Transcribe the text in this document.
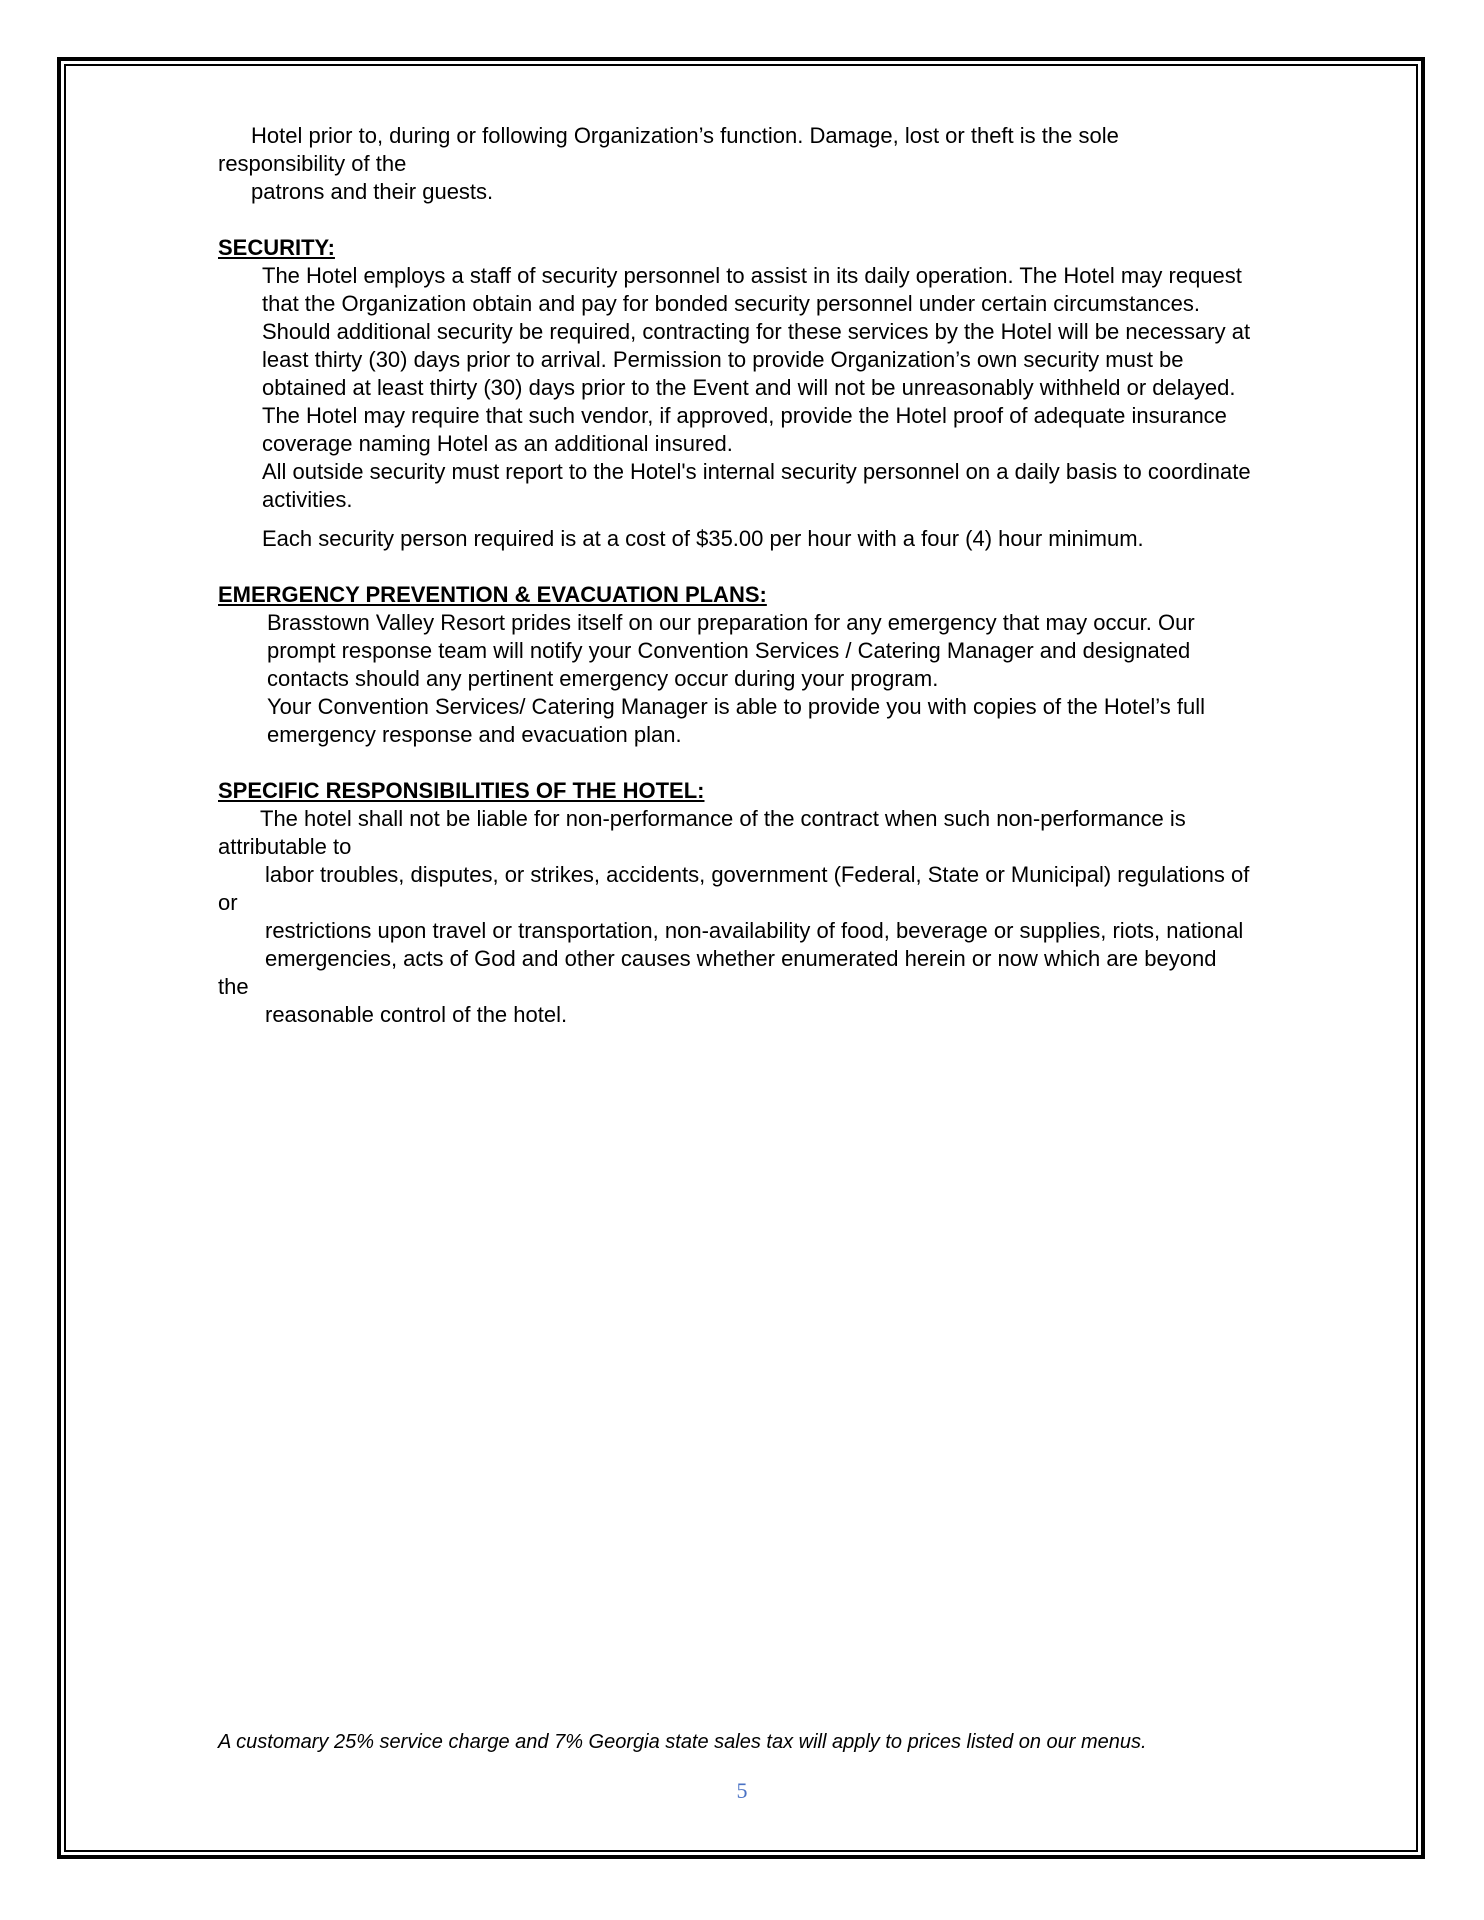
Hotel prior to, during or following Organization’s function. Damage, lost or theft is the sole

responsibility of the

patrons and their guests.

SECURITY:

The Hotel employs a staff of security personnel to assist in its daily operation. The Hotel may request

that the Organization obtain and pay for bonded security personnel under certain circumstances.

Should additional security be required, contracting for these services by the Hotel will be necessary at

least thirty (30) days prior to arrival. Permission to provide Organization’s own security must be

obtained at least thirty (30) days prior to the Event and will not be unreasonably withheld or delayed.

The Hotel may require that such vendor, if approved, provide the Hotel proof of adequate insurance

coverage naming Hotel as an additional insured.

All outside security must report to the Hotel's internal security personnel on a daily basis to coordinate

activities.

Each security person required is at a cost of $35.00 per hour with a four (4) hour minimum.

EMERGENCY PREVENTION & EVACUATION PLANS:

Brasstown Valley Resort prides itself on our preparation for any emergency that may occur. Our

prompt response team will notify your Convention Services / Catering Manager and designated

contacts should any pertinent emergency occur during your program.

Your Convention Services/ Catering Manager is able to provide you with copies of the Hotel’s full

emergency response and evacuation plan.

SPECIFIC RESPONSIBILITIES OF THE HOTEL:

The hotel shall not be liable for non-performance of the contract when such non-performance is

attributable to

labor troubles, disputes, or strikes, accidents, government (Federal, State or Municipal) regulations of

or

restrictions upon travel or transportation, non-availability of food, beverage or supplies, riots, national

emergencies, acts of God and other causes whether enumerated herein or now which are beyond

the

reasonable control of the hotel.

A customary 25% service charge and 7% Georgia state sales tax will apply to prices listed on our menus.
5
